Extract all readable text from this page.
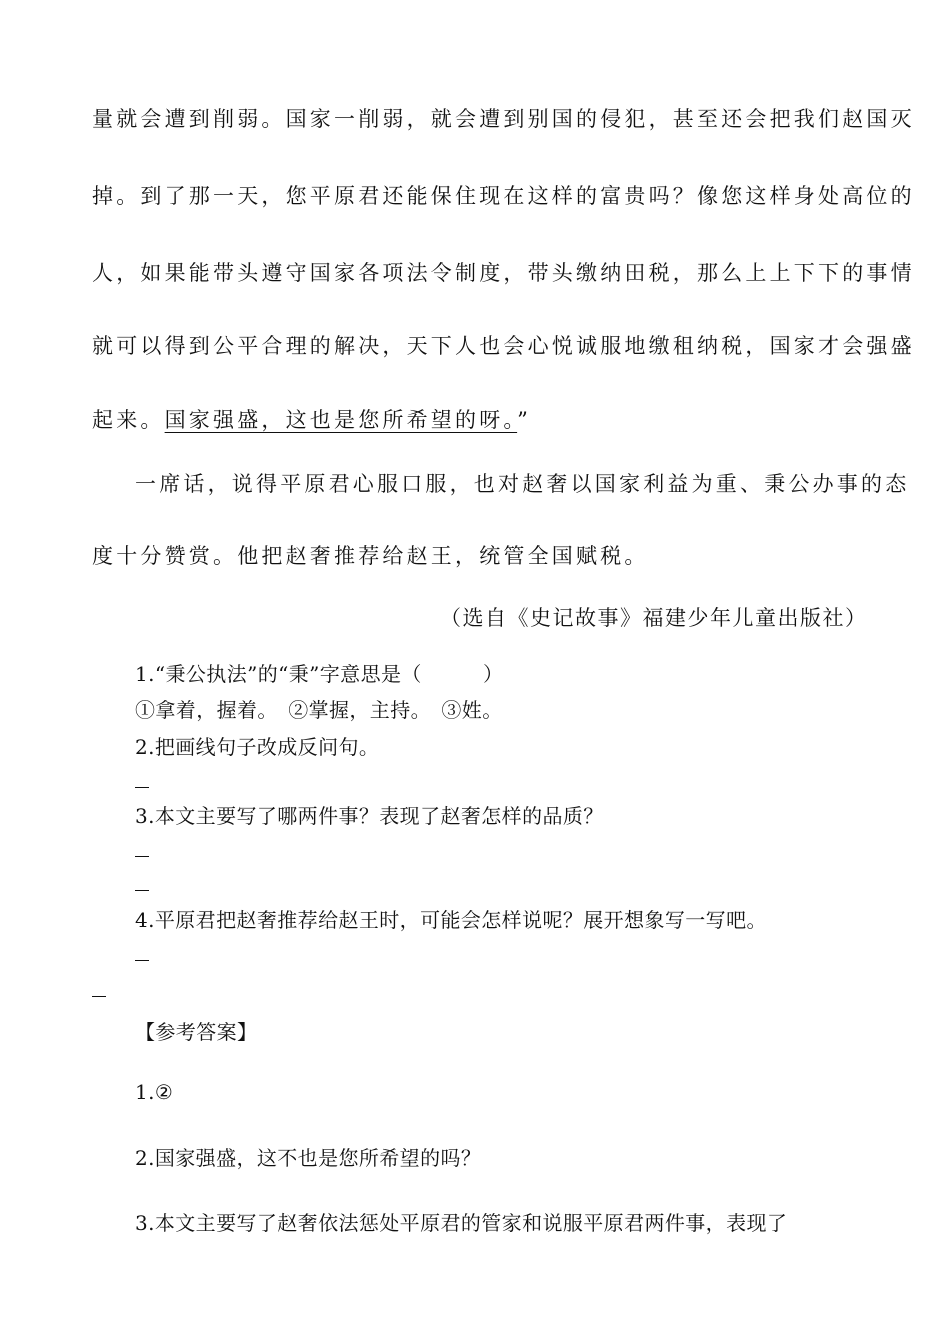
量就会遭到削弱。国家一削弱，就会遭到别国的侵犯，甚至还会把我们赵国灭
掉。到了那一天，您平原君还能保住现在这样的富贵吗？像您这样身处高位的
人，如果能带头遵守国家各项法令制度，带头缴纳田税，那么上上下下的事情
就可以得到公平合理的解决，天下人也会心悦诚服地缴租纳税，国家才会强盛
起来。国家强盛，这也是您所希望的呀。”
一席话，说得平原君心服口服，也对赵奢以国家利益为重、秉公办事的态
度十分赞赏。他把赵奢推荐给赵王，统管全国赋税。
（选自《史记故事》福建少年儿童出版社）
1.“秉公执法”的“秉”字意思是（　　　）
①拿着，握着。　②掌握，主持。　③姓。
2.把画线句子改成反问句。
3.本文主要写了哪两件事？表现了赵奢怎样的品质？
4.平原君把赵奢推荐给赵王时，可能会怎样说呢？展开想象写一写吧。
【参考答案】
1.②
2.国家强盛，这不也是您所希望的吗？
3.本文主要写了赵奢依法惩处平原君的管家和说服平原君两件事，表现了
